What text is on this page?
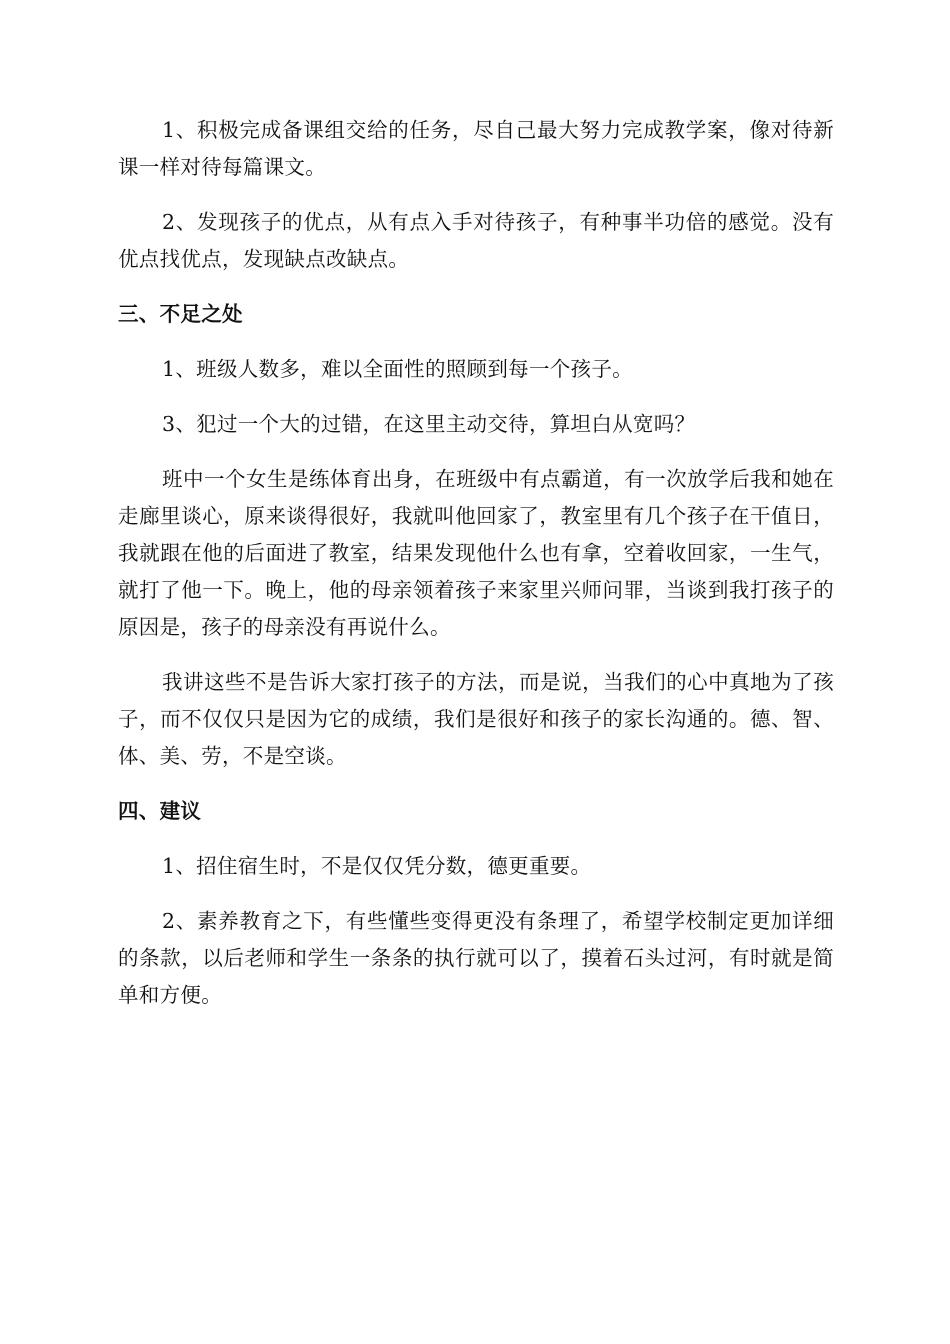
1、积极完成备课组交给的任务，尽自己最大努力完成教学案，像对待新课一样对待每篇课文。

2、发现孩子的优点，从有点入手对待孩子，有种事半功倍的感觉。没有优点找优点，发现缺点改缺点。

三、不足之处

1、班级人数多，难以全面性的照顾到每一个孩子。

3、犯过一个大的过错，在这里主动交待，算坦白从宽吗？

班中一个女生是练体育出身，在班级中有点霸道，有一次放学后我和她在走廊里谈心，原来谈得很好，我就叫他回家了，教室里有几个孩子在干值日，我就跟在他的后面进了教室，结果发现他什么也有拿，空着收回家，一生气，就打了他一下。晚上，他的母亲领着孩子来家里兴师问罪，当谈到我打孩子的原因是，孩子的母亲没有再说什么。

我讲这些不是告诉大家打孩子的方法，而是说，当我们的心中真地为了孩子，而不仅仅只是因为它的成绩，我们是很好和孩子的家长沟通的。德、智、体、美、劳，不是空谈。

四、建议

1、招住宿生时，不是仅仅凭分数，德更重要。

2、素养教育之下，有些懂些变得更没有条理了，希望学校制定更加详细的条款，以后老师和学生一条条的执行就可以了，摸着石头过河，有时就是简单和方便。
